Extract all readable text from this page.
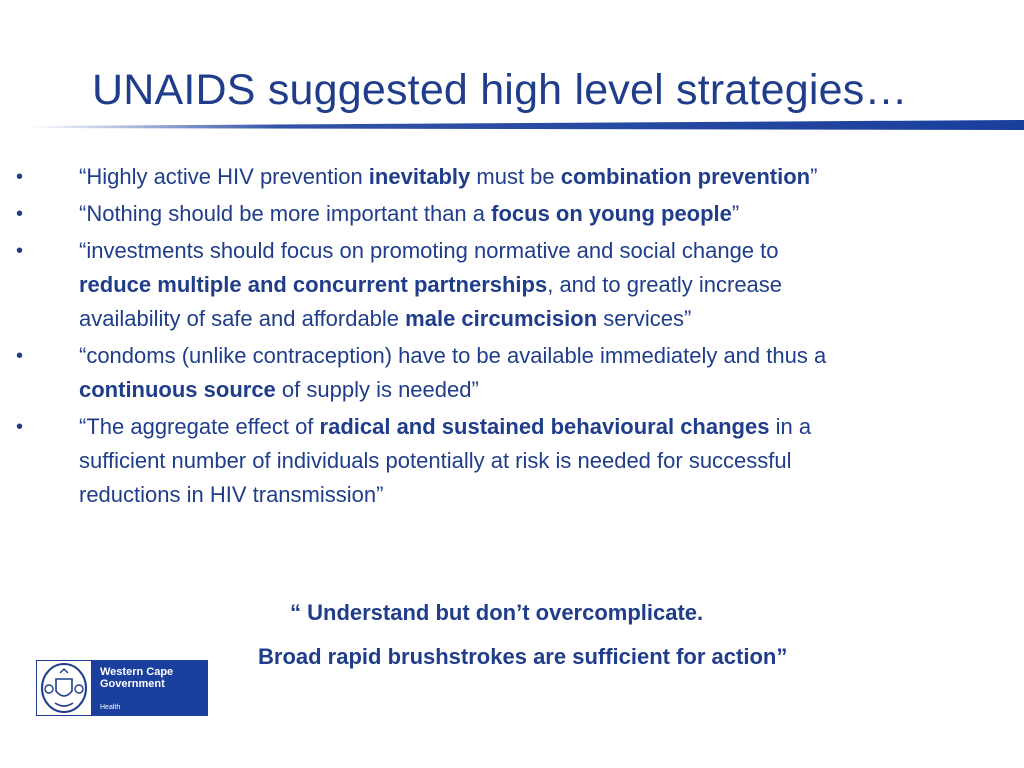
UNAIDS suggested high level strategies…
•	“Highly active HIV prevention inevitably must be combination prevention”
•	“Nothing should be more important than a focus on young people”
•	“investments should focus on promoting normative and social change to
reduce multiple and concurrent partnerships, and to greatly increase
availability of safe and affordable male circumcision services”
•	“condoms (unlike contraception) have to be available immediately and thus a
continuous source of supply is needed”
•	“The aggregate effect of radical and sustained behavioural changes in a
sufficient number of individuals potentially at risk is needed for successful
reductions in HIV transmission”
“ Understand but don’t overcomplicate.
Broad rapid brushstrokes are sufficient for action”
Western Cape
Government
Health
